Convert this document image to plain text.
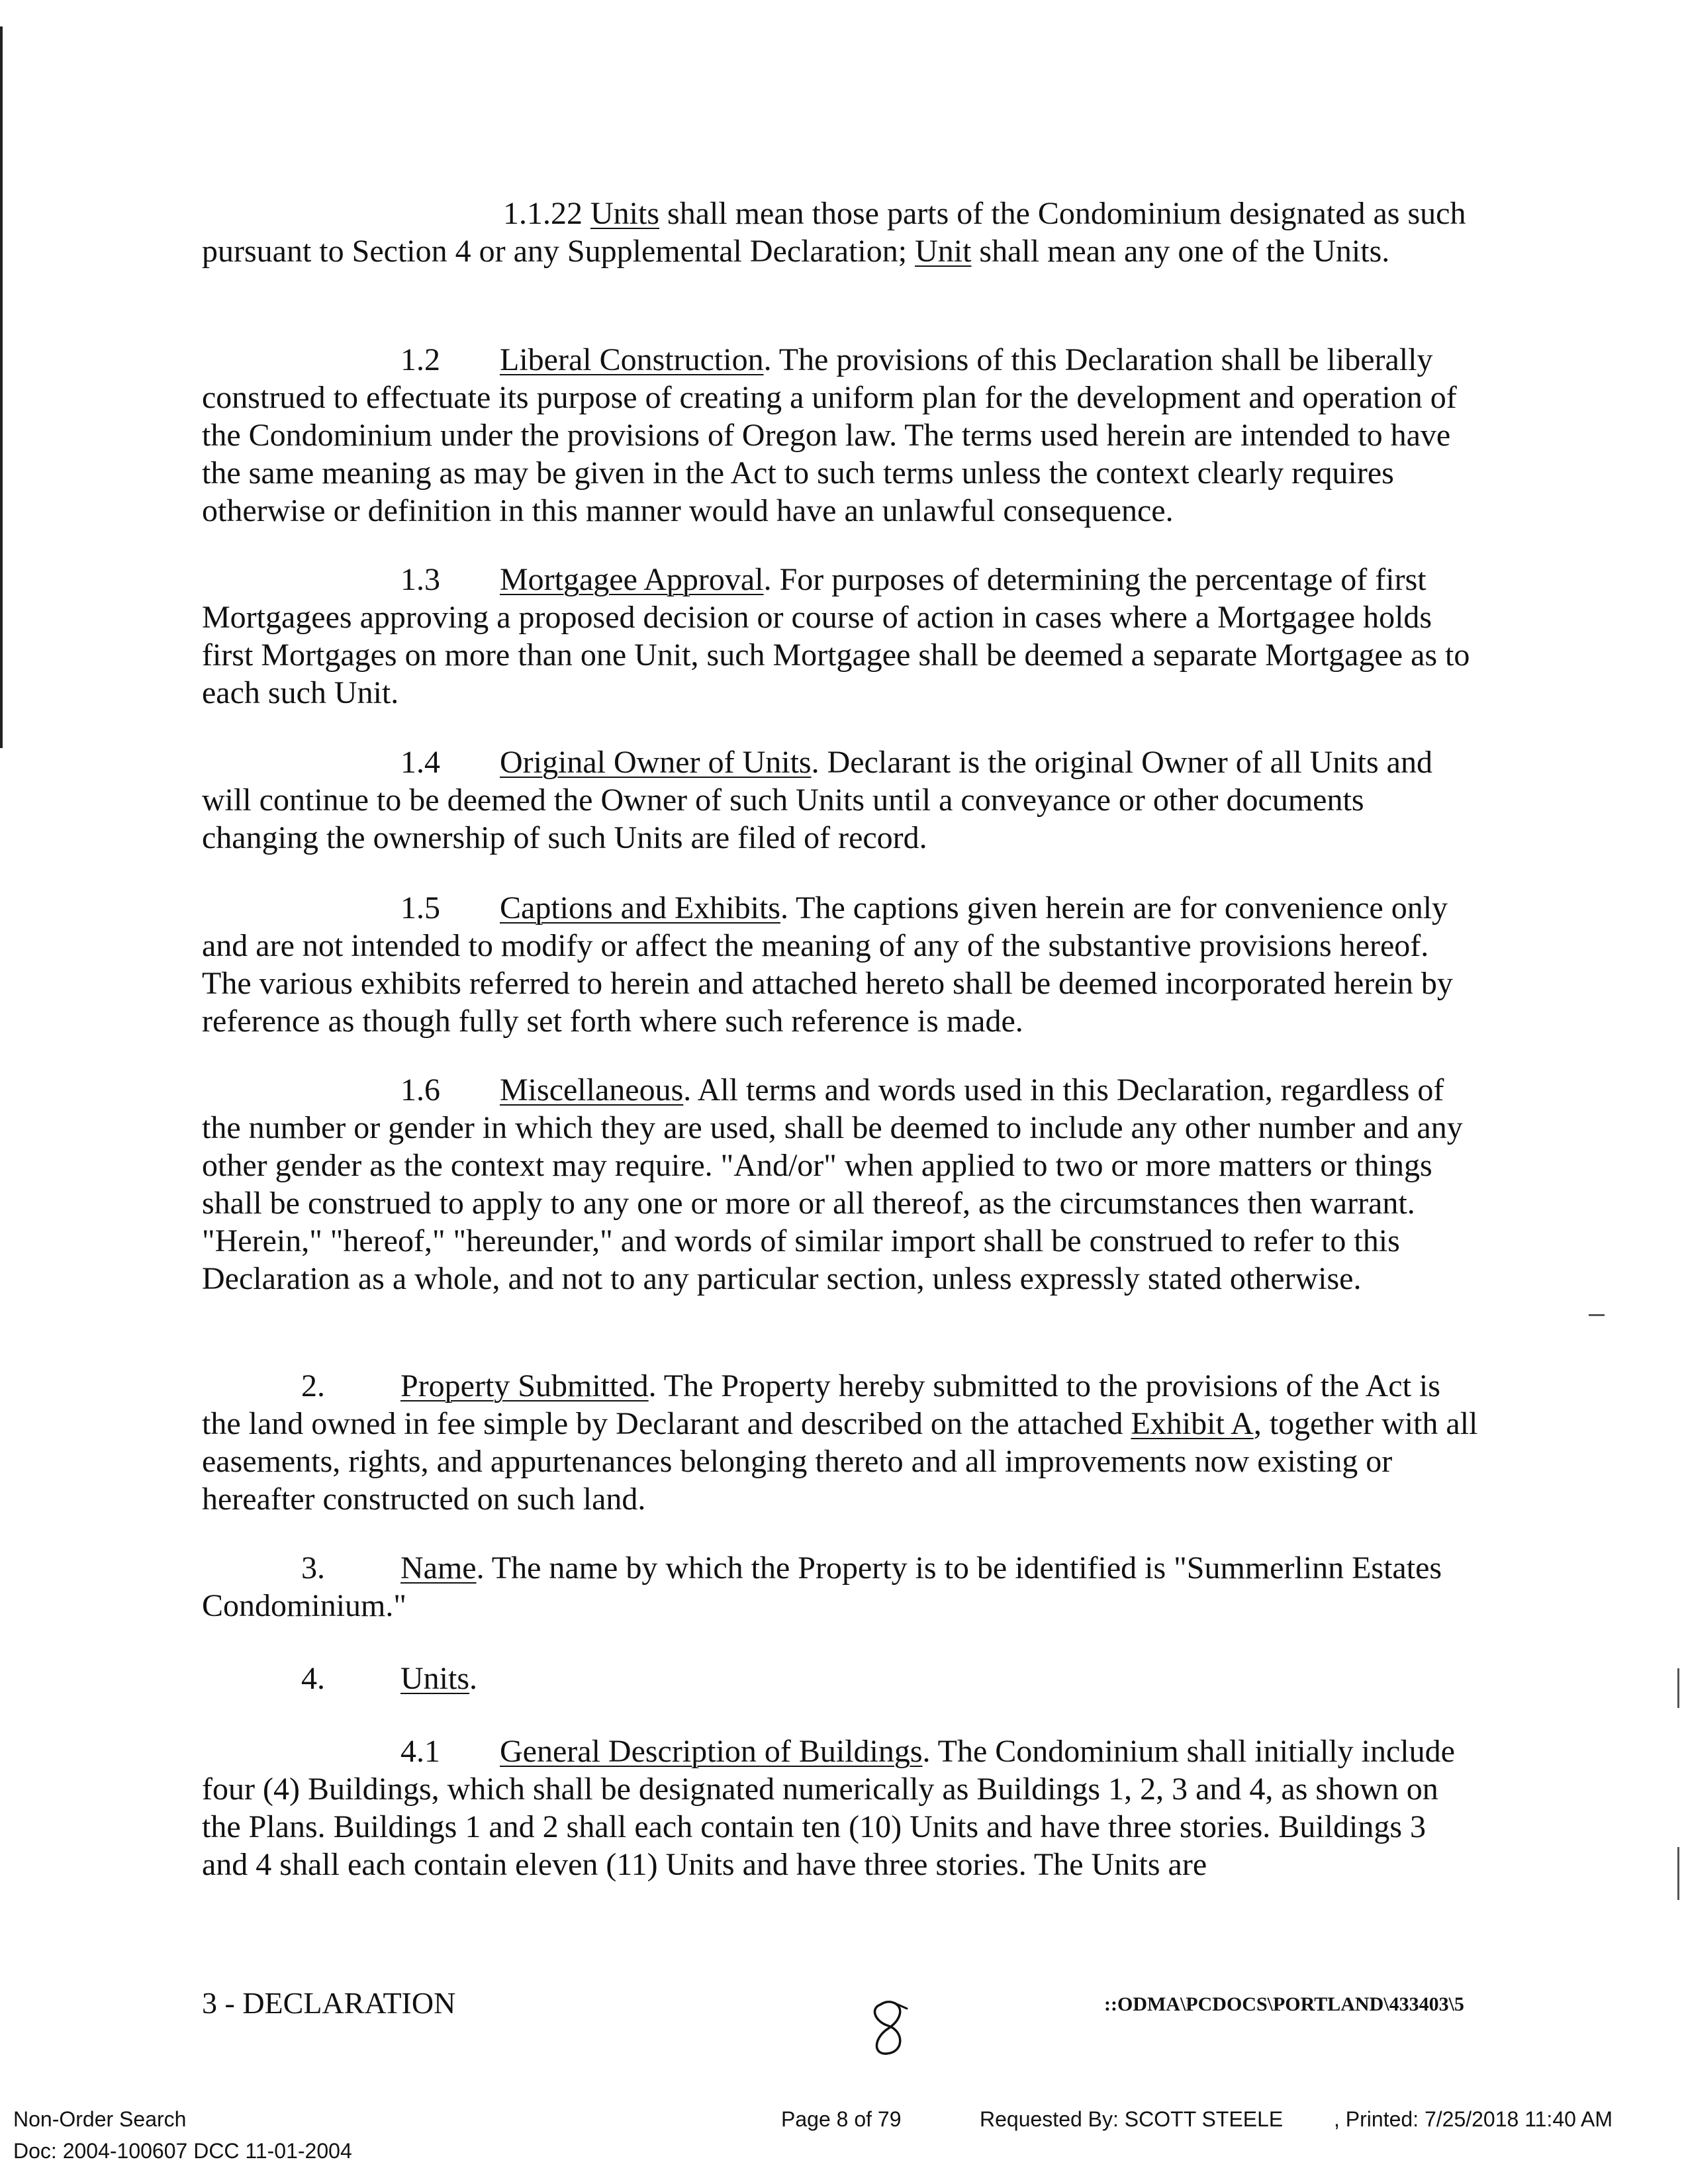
1.1.22 Units shall mean those parts of the Condominium designated as such pursuant to Section 4 or any Supplemental Declaration; Unit shall mean any one of the Units.

1.2 Liberal Construction. The provisions of this Declaration shall be liberally construed to effectuate its purpose of creating a uniform plan for the development and operation of the Condominium under the provisions of Oregon law. The terms used herein are intended to have the same meaning as may be given in the Act to such terms unless the context clearly requires otherwise or definition in this manner would have an unlawful consequence.

1.3 Mortgagee Approval. For purposes of determining the percentage of first Mortgagees approving a proposed decision or course of action in cases where a Mortgagee holds first Mortgages on more than one Unit, such Mortgagee shall be deemed a separate Mortgagee as to each such Unit.

1.4 Original Owner of Units. Declarant is the original Owner of all Units and will continue to be deemed the Owner of such Units until a conveyance or other documents changing the ownership of such Units are filed of record.

1.5 Captions and Exhibits. The captions given herein are for convenience only and are not intended to modify or affect the meaning of any of the substantive provisions hereof. The various exhibits referred to herein and attached hereto shall be deemed incorporated herein by reference as though fully set forth where such reference is made.

1.6 Miscellaneous. All terms and words used in this Declaration, regardless of the number or gender in which they are used, shall be deemed to include any other number and any other gender as the context may require. "And/or" when applied to two or more matters or things shall be construed to apply to any one or more or all thereof, as the circumstances then warrant. "Herein," "hereof," "hereunder," and words of similar import shall be construed to refer to this Declaration as a whole, and not to any particular section, unless expressly stated otherwise.

2. Property Submitted. The Property hereby submitted to the provisions of the Act is the land owned in fee simple by Declarant and described on the attached Exhibit A, together with all easements, rights, and appurtenances belonging thereto and all improvements now existing or hereafter constructed on such land.

3. Name. The name by which the Property is to be identified is "Summerlinn Estates Condominium."

4. Units.

4.1 General Description of Buildings. The Condominium shall initially include four (4) Buildings, which shall be designated numerically as Buildings 1, 2, 3 and 4, as shown on the Plans. Buildings 1 and 2 shall each contain ten (10) Units and have three stories. Buildings 3 and 4 shall each contain eleven (11) Units and have three stories. The Units are

3 - DECLARATION	::ODMA\PCDOCS\PORTLAND\433403\5
Non-Order Search
Doc: 2004-100607 DCC 11-01-2004
Page 8 of 79	Requested By: SCOTT STEELE , Printed: 7/25/2018 11:40 AM
